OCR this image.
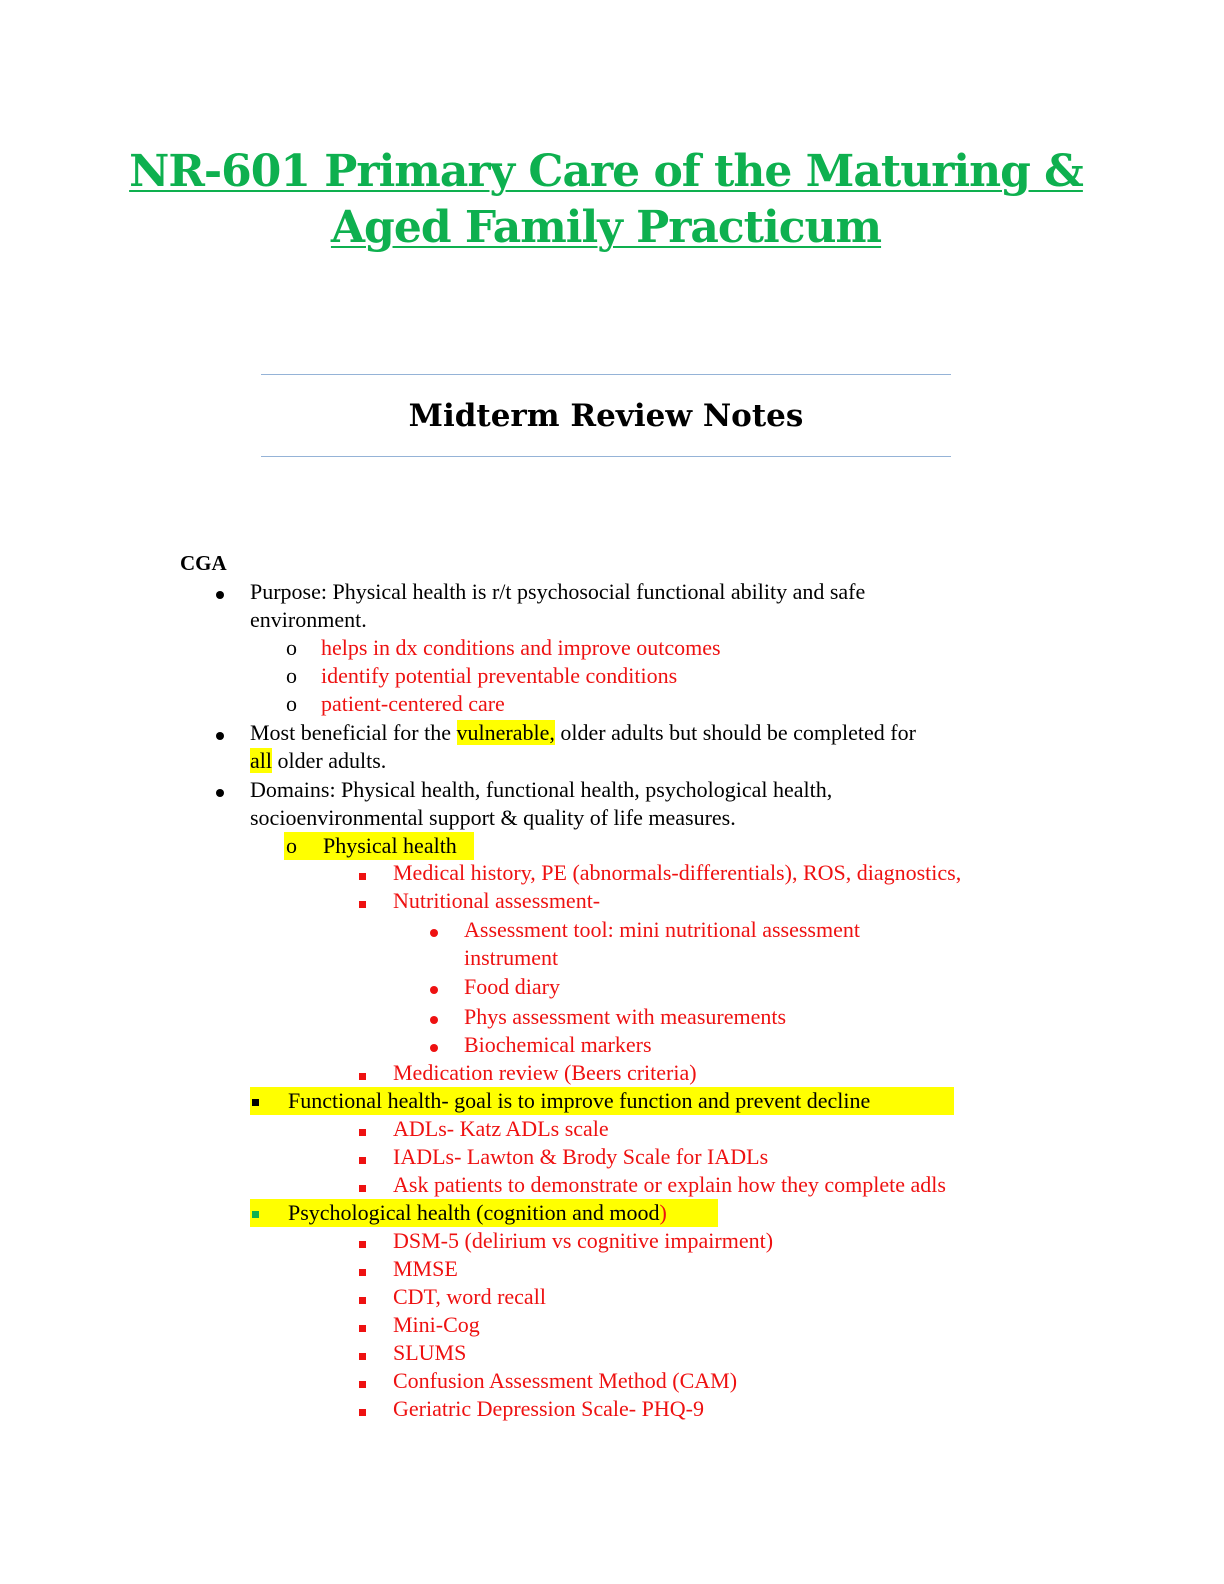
NR-601 Primary Care of the Maturing &
Aged Family Practicum
Midterm Review Notes
CGA
Purpose: Physical health is r/t psychosocial functional ability and safe
environment.
o helps in dx conditions and improve outcomes
o identify potential preventable conditions
o patient-centered care
Most beneficial for the vulnerable, older adults but should be completed for
all older adults.
Domains: Physical health, functional health, psychological health,
socioenvironmental support & quality of life measures.
o Physical health
Medical history, PE (abnormals-differentials), ROS, diagnostics,
Nutritional assessment-
Assessment tool: mini nutritional assessment
instrument
Food diary
Phys assessment with measurements
Biochemical markers
Medication review (Beers criteria)
Functional health- goal is to improve function and prevent decline
ADLs- Katz ADLs scale
IADLs- Lawton & Brody Scale for IADLs
Ask patients to demonstrate or explain how they complete adls
Psychological health (cognition and mood)
DSM-5 (delirium vs cognitive impairment)
MMSE
CDT, word recall
Mini-Cog
SLUMS
Confusion Assessment Method (CAM)
Geriatric Depression Scale- PHQ-9
